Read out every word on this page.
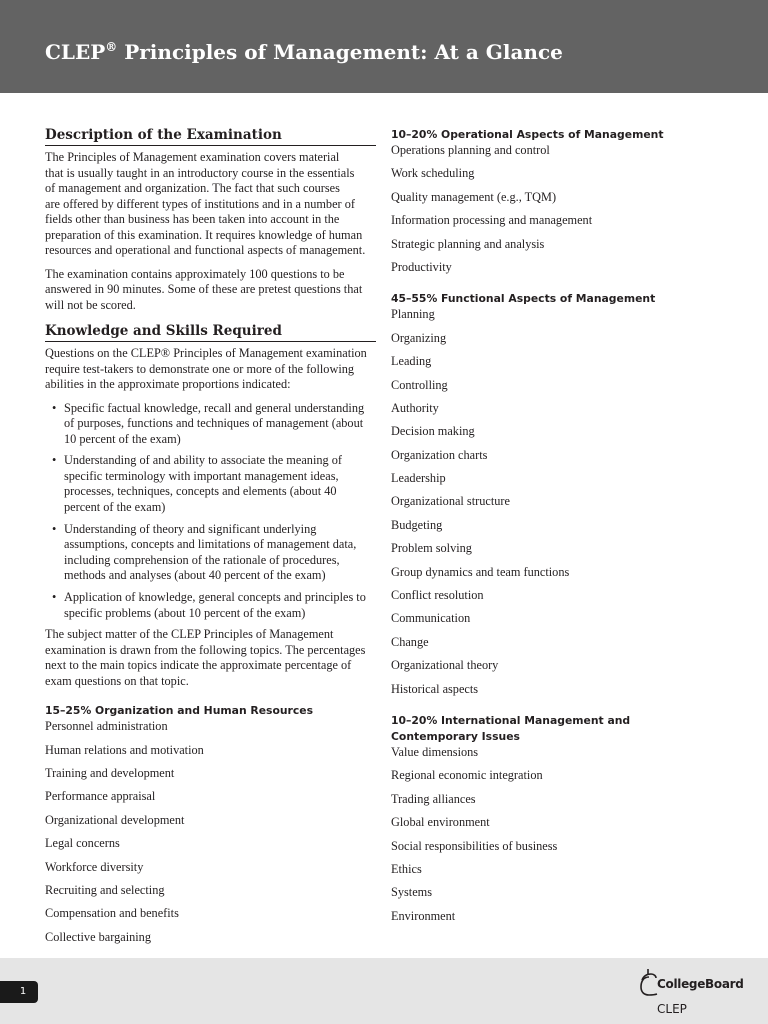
CLEP® Principles of Management: At a Glance
Description of the Examination

The Principles of Management examination covers material
that is usually taught in an introductory course in the essentials
of management and organization. The fact that such courses
are offered by different types of institutions and in a number of
fields other than business has been taken into account in the
preparation of this examination. It requires knowledge of human
resources and operational and functional aspects of management.

The examination contains approximately 100 questions to be
answered in 90 minutes. Some of these are pretest questions that
will not be scored.

Knowledge and Skills Required

Questions on the CLEP® Principles of Management examination
require test-takers to demonstrate one or more of the following
abilities in the approximate proportions indicated:

• Specific factual knowledge, recall and general understanding
of purposes, functions and techniques of management (about
10 percent of the exam)
• Understanding of and ability to associate the meaning of
specific terminology with important management ideas,
processes, techniques, concepts and elements (about 40
percent of the exam)
• Understanding of theory and significant underlying
assumptions, concepts and limitations of management data,
including comprehension of the rationale of procedures,
methods and analyses (about 40 percent of the exam)
• Application of knowledge, general concepts and principles to
specific problems (about 10 percent of the exam)

The subject matter of the CLEP Principles of Management
examination is drawn from the following topics. The percentages
next to the main topics indicate the approximate percentage of
exam questions on that topic.

15–25% Organization and Human Resources
Personnel administration
Human relations and motivation
Training and development
Performance appraisal
Organizational development
Legal concerns
Workforce diversity
Recruiting and selecting
Compensation and benefits
Collective bargaining
10–20% Operational Aspects of Management
Operations planning and control
Work scheduling
Quality management (e.g., TQM)
Information processing and management
Strategic planning and analysis
Productivity
45–55% Functional Aspects of Management
Planning
Organizing
Leading
Controlling
Authority
Decision making
Organization charts
Leadership
Organizational structure
Budgeting
Problem solving
Group dynamics and team functions
Conflict resolution
Communication
Change
Organizational theory
Historical aspects
10–20% International Management and
Contemporary Issues
Value dimensions
Regional economic integration
Trading alliances
Global environment
Social responsibilities of business
Ethics
Systems
Environment
1
CollegeBoard
CLEP
